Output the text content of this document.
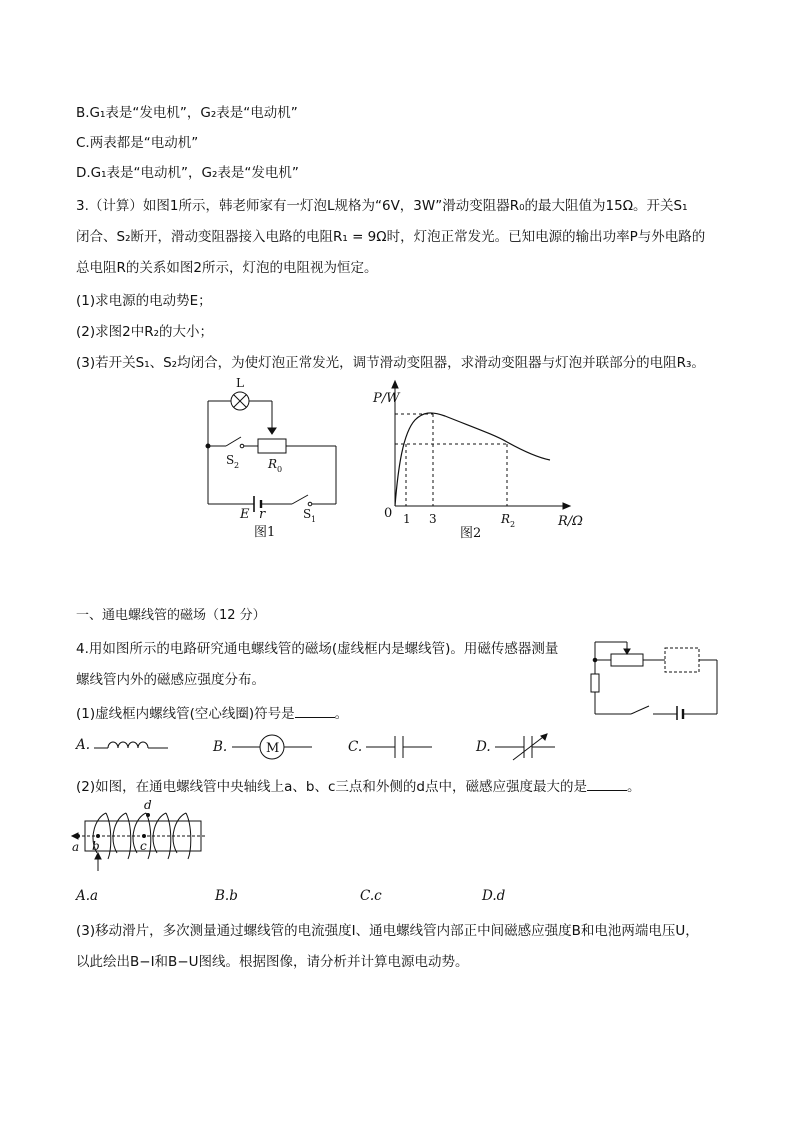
B.G₁表是“发电机”，G₂表是“电动机”
C.两表都是“电动机”
D.G₁表是“电动机”，G₂表是“发电机”
3.（计算）如图1所示，韩老师家有一灯泡L规格为“6V，3W”滑动变阻器R₀的最大阻值为15Ω。开关S₁
闭合、S₂断开，滑动变阻器接入电路的电阻R₁ = 9Ω时，灯泡正常发光。已知电源的输出功率P与外电路的
总电阻R的关系如图2所示，灯泡的电阻视为恒定。
(1)求电源的电动势E；
(2)求图2中R₂的大小；
(3)若开关S₁、S₂均闭合，为使灯泡正常发光，调节滑动变阻器，求滑动变阻器与灯泡并联部分的电阻R₃。
L
S 2 R 0
E r	S 1
图1
P/W
0 1 3	R 2	R/Ω
图2
一、通电螺线管的磁场（12 分）
4.用如图所示的电路研究通电螺线管的磁场(虚线框内是螺线管)。用磁传感器测量
螺线管内外的磁感应强度分布。
(1)虚线框内螺线管(空心线圈)符号是	。
A.	B.	M	C.	D.
(2)如图，在通电螺线管中央轴线上a、b、c三点和外侧的d点中，磁感应强度最大的是	。
a b	c
d
A.a	B.b	C.c	D.d
(3)移动滑片，多次测量通过螺线管的电流强度I、通电螺线管内部正中间磁感应强度B和电池两端电压U，
以此绘出B−I和B−U图线。根据图像，请分析并计算电源电动势。
